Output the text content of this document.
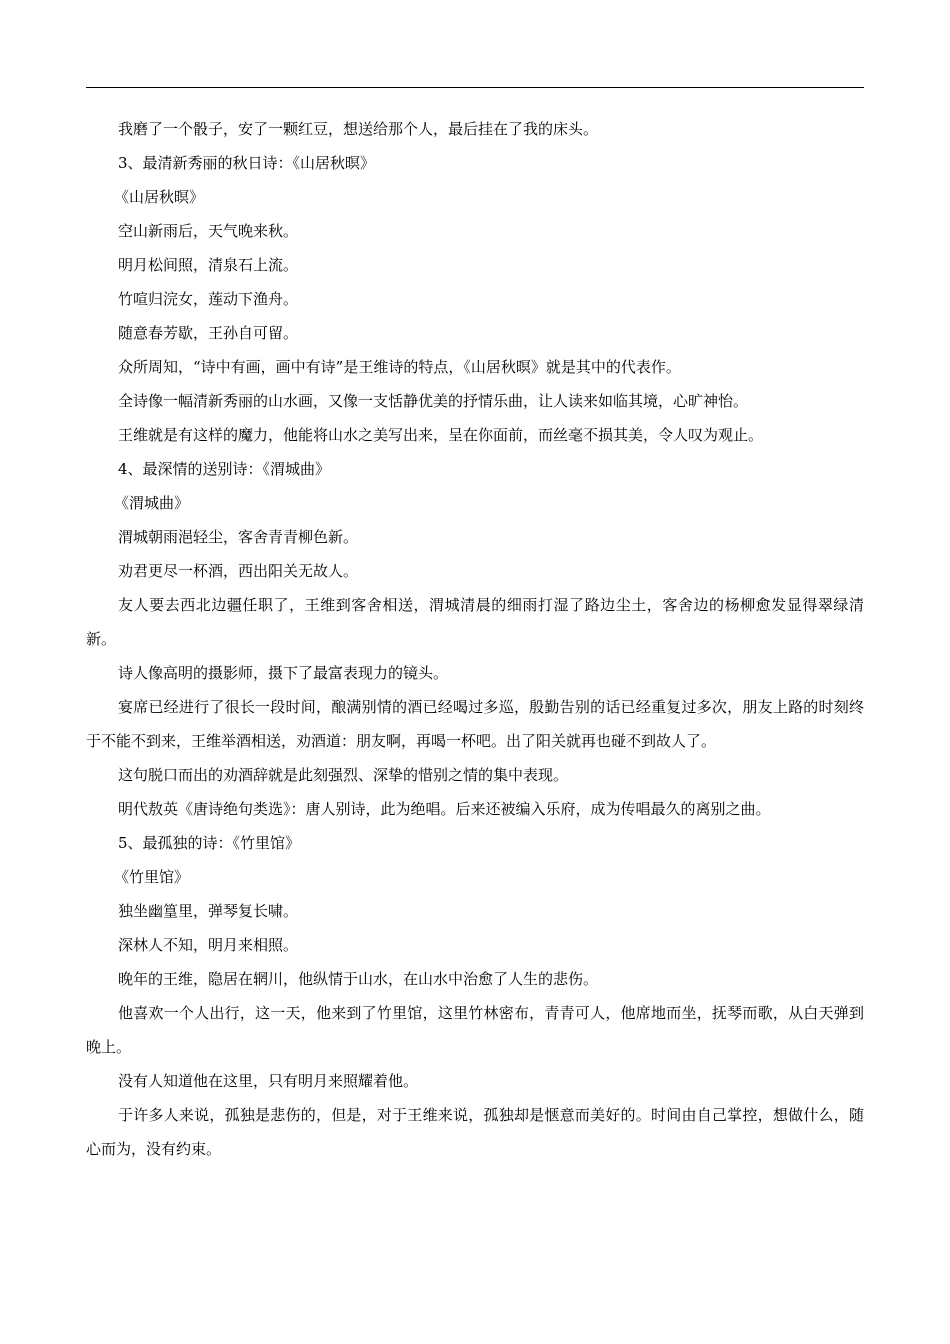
我磨了一个骰子，安了一颗红豆，想送给那个人，最后挂在了我的床头。

3、最清新秀丽的秋日诗：《山居秋暝》

《山居秋暝》

空山新雨后，天气晚来秋。

明月松间照，清泉石上流。

竹喧归浣女，莲动下渔舟。

随意春芳歇，王孙自可留。

众所周知，“诗中有画，画中有诗”是王维诗的特点，《山居秋暝》就是其中的代表作。

全诗像一幅清新秀丽的山水画，又像一支恬静优美的抒情乐曲，让人读来如临其境，心旷神怡。

王维就是有这样的魔力，他能将山水之美写出来，呈在你面前，而丝毫不损其美，令人叹为观止。

4、最深情的送别诗：《渭城曲》

《渭城曲》

渭城朝雨浥轻尘，客舍青青柳色新。

劝君更尽一杯酒，西出阳关无故人。

友人要去西北边疆任职了，王维到客舍相送，渭城清晨的细雨打湿了路边尘土，客舍边的杨柳愈发显得翠绿清新。

诗人像高明的摄影师，摄下了最富表现力的镜头。

宴席已经进行了很长一段时间，酿满别情的酒已经喝过多巡，殷勤告别的话已经重复过多次，朋友上路的时刻终于不能不到来，王维举酒相送，劝酒道：朋友啊，再喝一杯吧。出了阳关就再也碰不到故人了。

这句脱口而出的劝酒辞就是此刻强烈、深挚的惜别之情的集中表现。

明代敖英《唐诗绝句类选》：唐人别诗，此为绝唱。后来还被编入乐府，成为传唱最久的离别之曲。

5、最孤独的诗：《竹里馆》

《竹里馆》

独坐幽篁里，弹琴复长啸。

深林人不知，明月来相照。

晚年的王维，隐居在辋川，他纵情于山水，在山水中治愈了人生的悲伤。

他喜欢一个人出行，这一天，他来到了竹里馆，这里竹林密布，青青可人，他席地而坐，抚琴而歌，从白天弹到晚上。

没有人知道他在这里，只有明月来照耀着他。

于许多人来说，孤独是悲伤的，但是，对于王维来说，孤独却是惬意而美好的。时间由自己掌控，想做什么，随心而为，没有约束。
